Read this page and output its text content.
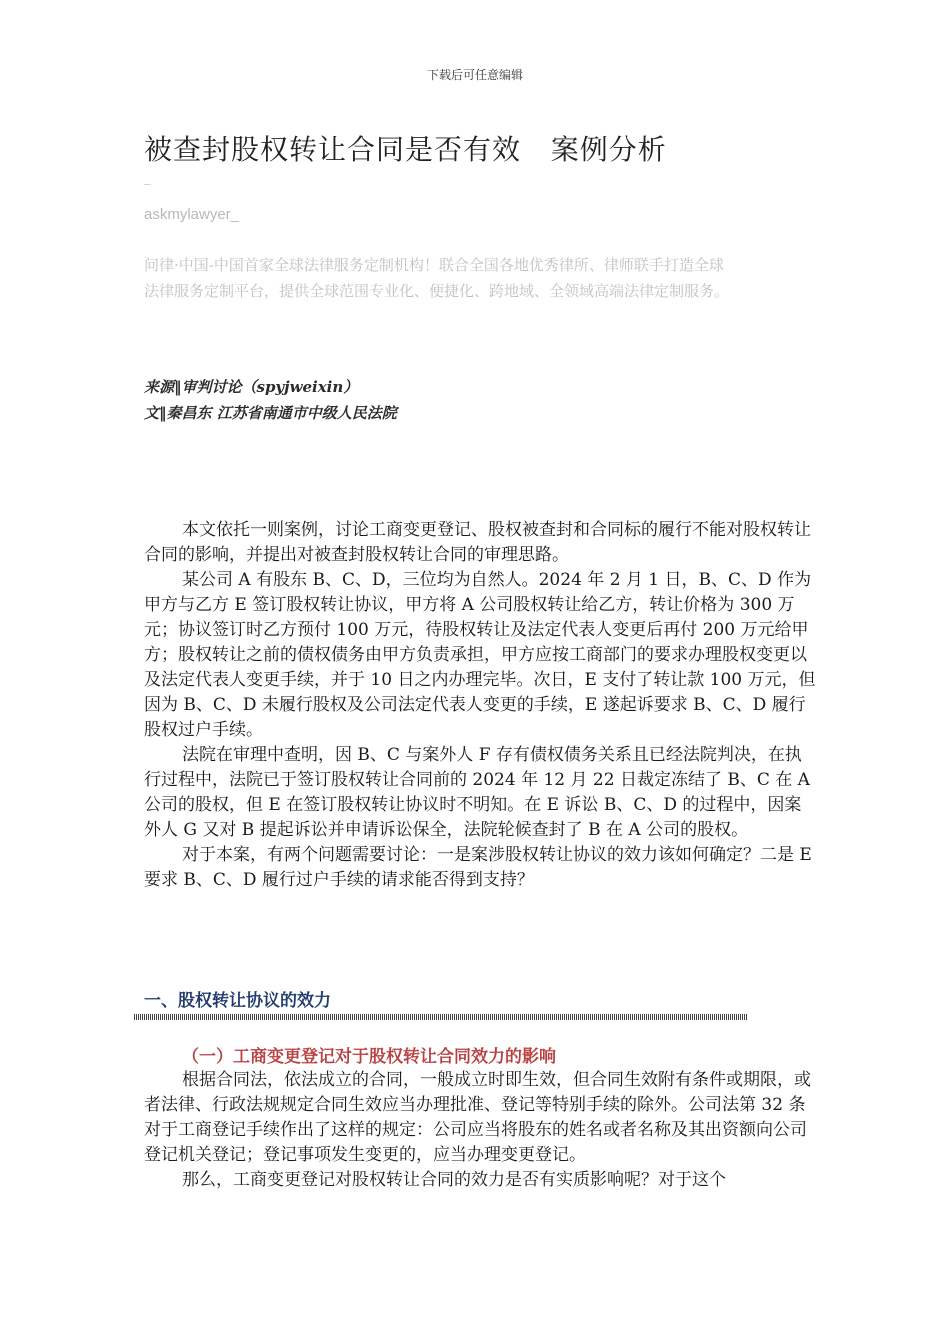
下载后可任意编辑
被查封股权转让合同是否有效   案例分析
----
askmylawyer_

问律·中国-中国首家全球法律服务定制机构！联合全国各地优秀律所、律师联手打造全球

法律服务定制平台，提供全球范围专业化、便捷化、跨地域、全领域高端法律定制服务。

来源‖审判讨论（spyjweixin）

文‖秦昌东 江苏省南通市中级人民法院

本文依托一则案例，讨论工商变更登记、股权被查封和合同标的履行不能对股权转让合同的影响，并提出对被查封股权转让合同的审理思路。

某公司 A 有股东 B、C、D，三位均为自然人。2024 年 2 月 1 日，B、C、D 作为甲方与乙方 E 签订股权转让协议，甲方将 A 公司股权转让给乙方，转让价格为 300 万元；协议签订时乙方预付 100 万元，待股权转让及法定代表人变更后再付 200 万元给甲方；股权转让之前的债权债务由甲方负责承担，甲方应按工商部门的要求办理股权变更以及法定代表人变更手续，并于 10 日之内办理完毕。次日，E 支付了转让款 100 万元，但因为 B、C、D 未履行股权及公司法定代表人变更的手续，E 遂起诉要求 B、C、D 履行股权过户手续。

法院在审理中查明，因 B、C 与案外人 F 存有债权债务关系且已经法院判决，在执行过程中，法院已于签订股权转让合同前的 2024 年 12 月 22 日裁定冻结了 B、C 在 A 公司的股权，但 E 在签订股权转让协议时不明知。在 E 诉讼 B、C、D 的过程中，因案外人 G 又对 B 提起诉讼并申请诉讼保全，法院轮候查封了 B 在 A 公司的股权。

对于本案，有两个问题需要讨论：一是案涉股权转让协议的效力该如何确定？二是 E 要求 B、C、D 履行过户手续的请求能否得到支持？

一、股权转让协议的效力
（一）工商变更登记对于股权转让合同效力的影响

根据合同法，依法成立的合同，一般成立时即生效，但合同生效附有条件或期限，或者法律、行政法规规定合同生效应当办理批准、登记等特别手续的除外。公司法第 32 条对于工商登记手续作出了这样的规定：公司应当将股东的姓名或者名称及其出资额向公司登记机关登记；登记事项发生变更的，应当办理变更登记。

那么，工商变更登记对股权转让合同的效力是否有实质影响呢？对于这个
